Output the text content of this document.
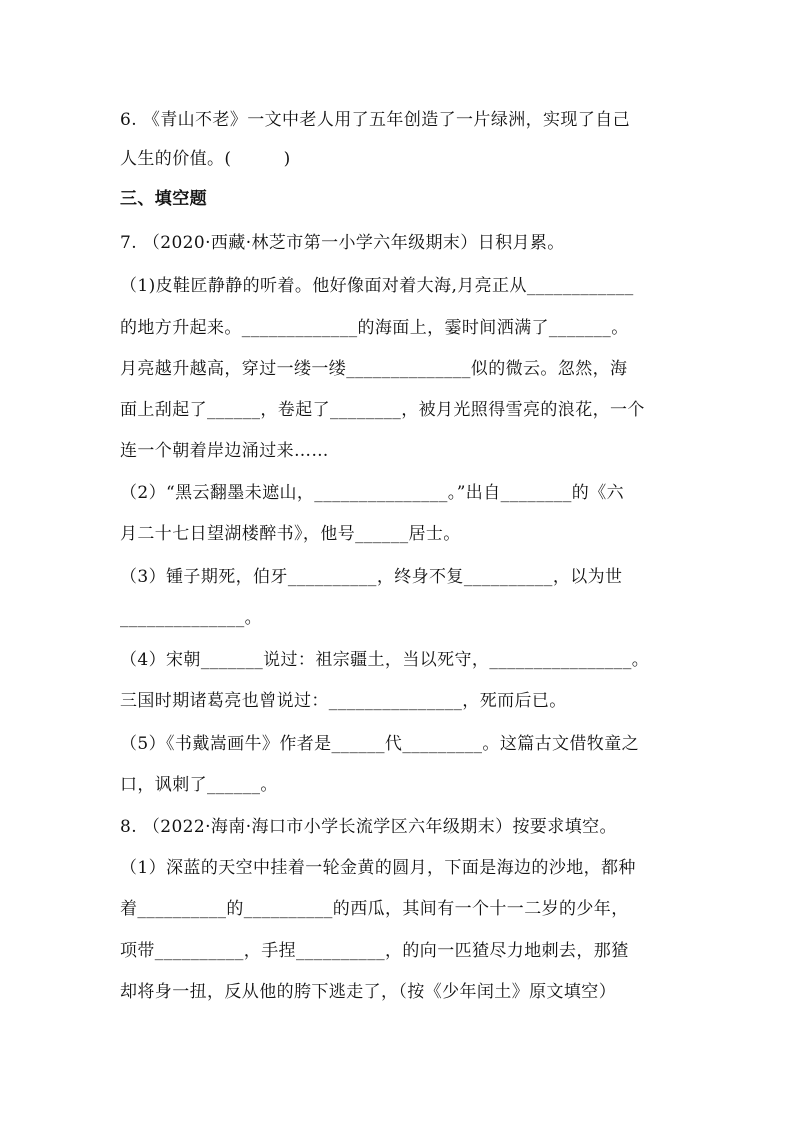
6. 《青山不老》一文中老人用了五年创造了一片绿洲，实现了自己
人生的价值。(　　　)
三、填空题
7. （2020·西藏·林芝市第一小学六年级期末）日积月累。
（1)皮鞋匠静静的听着。他好像面对着大海,月亮正从____________
的地方升起来。_____________的海面上，霎时间洒满了_______。
月亮越升越高，穿过一缕一缕______________似的微云。忽然，海
面上刮起了______，卷起了________，被月光照得雪亮的浪花，一个
连一个朝着岸边涌过来……
（2）“黑云翻墨未遮山，_______________。”出自________的《六
月二十七日望湖楼醉书》，他号______居士。
（3）锺子期死，伯牙__________，终身不复__________，以为世
______________。
（4）宋朝_______说过：祖宗疆土，当以死守，________________。
三国时期诸葛亮也曾说过：_______________，死而后已。
（5）《书戴嵩画牛》作者是______代_________。这篇古文借牧童之
口，讽刺了______。
8. （2022·海南·海口市小学长流学区六年级期末）按要求填空。
（1）深蓝的天空中挂着一轮金黄的圆月，下面是海边的沙地，都种
着__________的__________的西瓜，其间有一个十一二岁的少年，
项带__________，手捏__________，的向一匹猹尽力地刺去，那猹
却将身一扭，反从他的胯下逃走了，（按《少年闰土》原文填空）
